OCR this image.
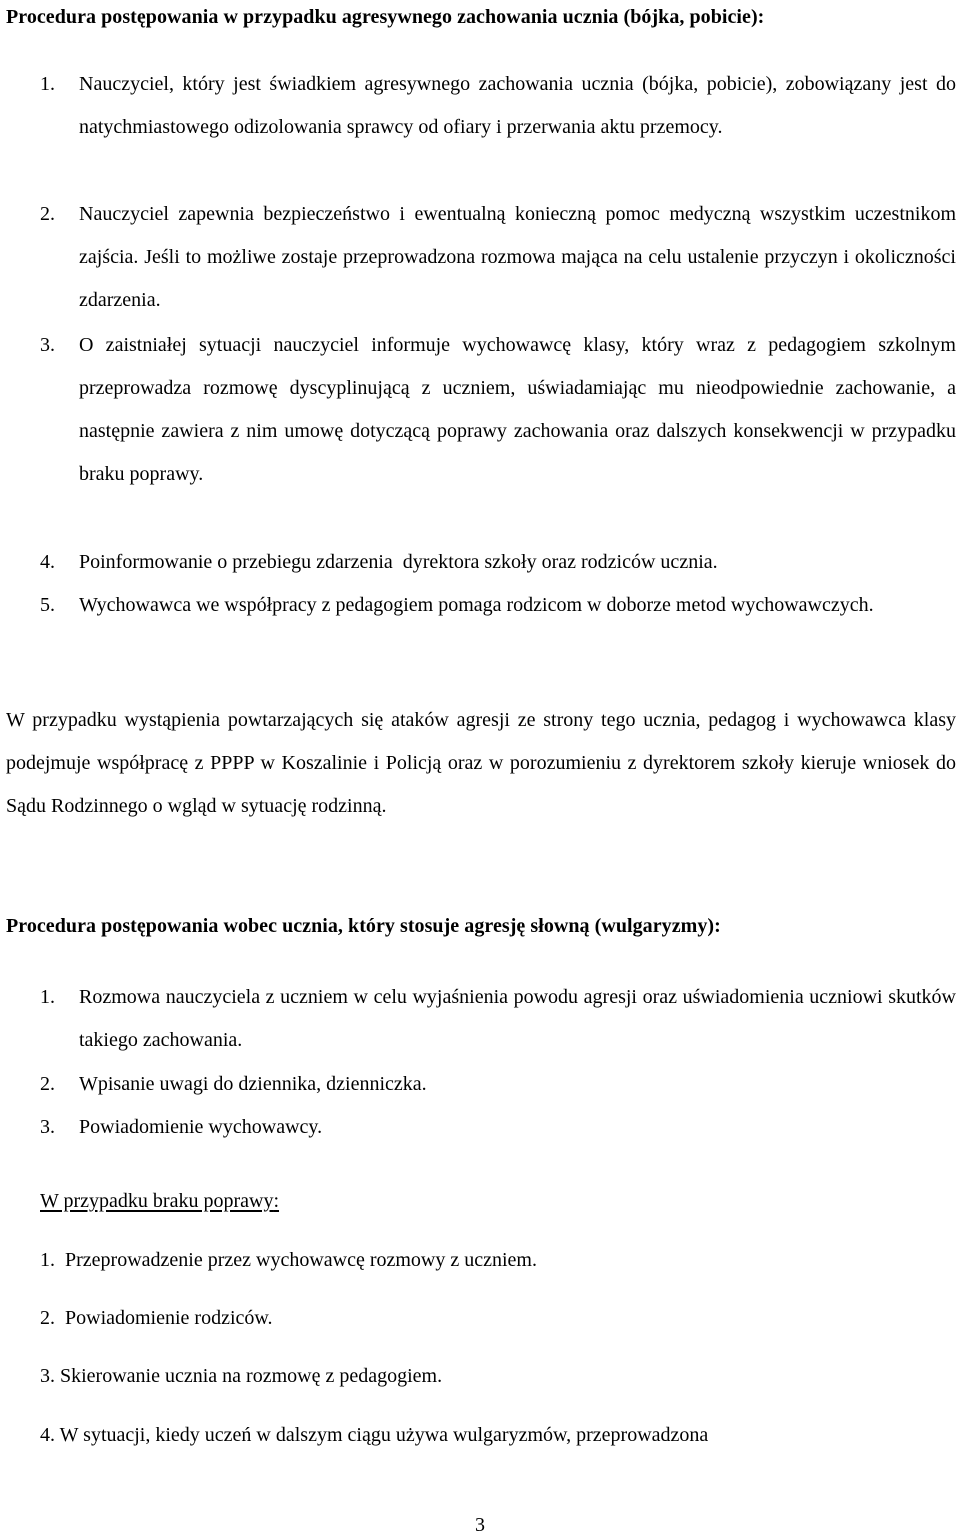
Procedura postępowania w przypadku agresywnego zachowania ucznia (bójka, pobicie):
1. Nauczyciel, który jest świadkiem agresywnego zachowania ucznia (bójka, pobicie), zobowiązany jest do natychmiastowego odizolowania sprawcy od ofiary i przerwania aktu przemocy.
2. Nauczyciel zapewnia bezpieczeństwo i ewentualną konieczną pomoc medyczną wszystkim uczestnikom zajścia. Jeśli to możliwe zostaje przeprowadzona rozmowa mająca na celu ustalenie przyczyn i okoliczności zdarzenia.
3. O zaistniałej sytuacji nauczyciel informuje wychowawcę klasy, który wraz z pedagogiem szkolnym przeprowadza rozmowę dyscyplinującą z uczniem, uświadamiając mu nieodpowiednie zachowanie, a następnie zawiera z nim umowę dotyczącą poprawy zachowania oraz dalszych konsekwencji w przypadku braku poprawy.
4. Poinformowanie o przebiegu zdarzenia  dyrektora szkoły oraz rodziców ucznia.
5. Wychowawca we współpracy z pedagogiem pomaga rodzicom w doborze metod wychowawczych.
W przypadku wystąpienia powtarzających się ataków agresji ze strony tego ucznia, pedagog i wychowawca klasy podejmuje współpracę z PPPP w Koszalinie i Policją oraz w porozumieniu z dyrektorem szkoły kieruje wniosek do Sądu Rodzinnego o wgląd w sytuację rodzinną.
Procedura postępowania wobec ucznia, który stosuje agresję słowną (wulgaryzmy):
1. Rozmowa nauczyciela z uczniem w celu wyjaśnienia powodu agresji oraz uświadomienia uczniowi skutków takiego zachowania.
2. Wpisanie uwagi do dziennika, dzienniczka.
3. Powiadomienie wychowawcy.
W przypadku braku poprawy:
1.  Przeprowadzenie przez wychowawcę rozmowy z uczniem.
2.  Powiadomienie rodziców.
3. Skierowanie ucznia na rozmowę z pedagogiem.
4. W sytuacji, kiedy uczeń w dalszym ciągu używa wulgaryzmów, przeprowadzona
3
